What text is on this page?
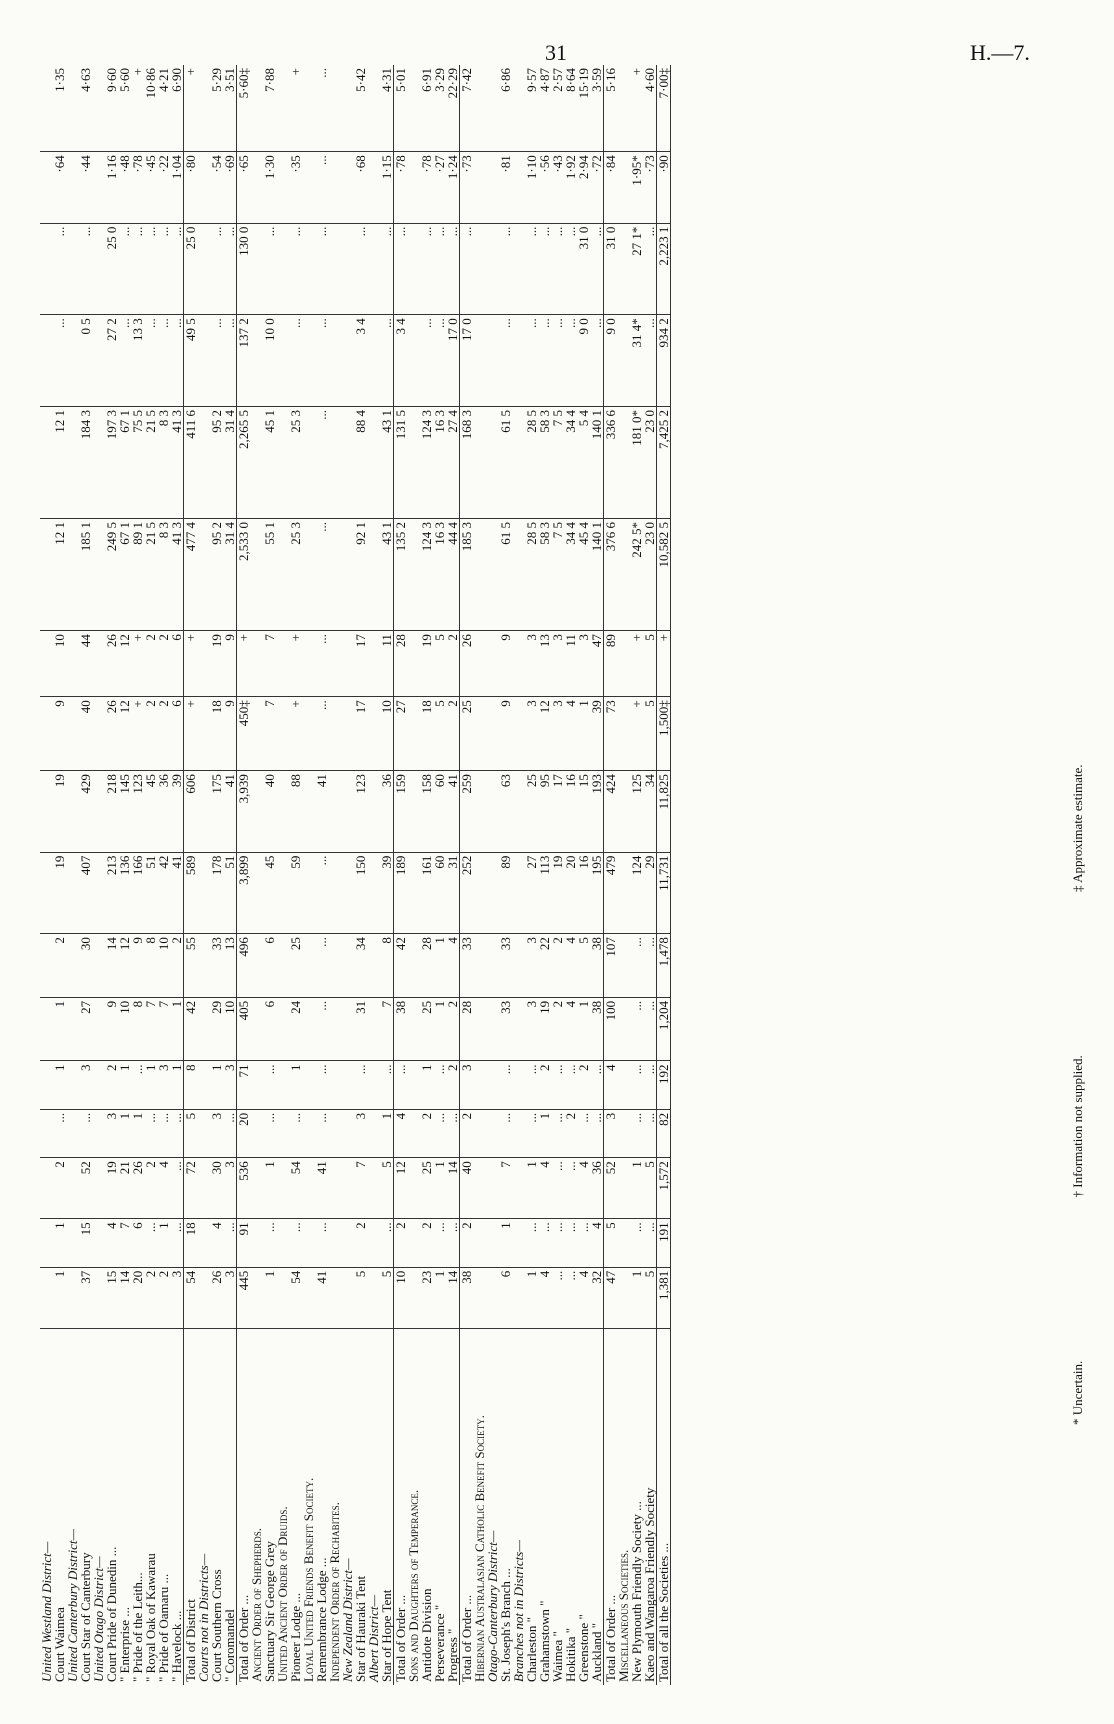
31	H.—7.
United Westland District—																		
Court Waimea		1	1	2	...	1	1	2	19	19	9	10	12 1	12 1	...	...	·64	1·35
United Canterbury District—																		
Court Star of Canterbury		37	15	52	...	3	27	30	407	429	40	44	185 1	184 3	0 5	...	·44	4·63
United Otago District—																		
Court Pride of Dunedin ...		15	4	19	3	2	9	14	213	218	26	26	249 5	197 3	27 2	25 0	1·16	9·60
" Enterprise ...		14	7	21	1	1	10	12	136	145	12	12	67 1	67 1	...	...	·48	5·60
" Pride of the Leith...		20	6	26	1	...	8	9	166	123	+	+	89 1	75 5	13 3	...	·78	+
" Royal Oak of Kawarau		2	...	2	...	1	7	8	51	45	2	2	21 5	21 5	...	...	·45	10·86
" Pride of Oamaru ...		2	1	4	...	3	7	10	42	36	2	2	8 3	8 3	...	...	·22	4·21
" Havelock ...		3	...	...	...	1	1	2	41	39	6	6	41 3	41 3	...	...	1·04	6·90
Total of District		54	18	72	5	8	42	55	589	606	+	+	477 4	411 6	49 5	25 0	·80	+
Courts not in Districts—																		
Court Southern Cross		26	4	30	3	1	29	33	178	175	18	19	95 2	95 2	...	...	·54	5·29
" Coromandel		3	...	3	...	3	10	13	51	41	9	9	31 4	31 4	...	...	·69	3·51
Total of Order ...		445	91	536	20	71	405	496	3,899	3,939	450‡	+	2,533 0	2,265 5	137 2	130 0	·65	5·60‡
Ancient Order of Shepherds.																		
Sanctuary Sir George Grey		1	...	1	...	...	6	6	45	40	7	7	55 1	45 1	10 0	...	1·30	7·88
United Ancient Order of Druids.																		
Pioneer Lodge ...		54	...	54	...	1	24	25	59	88	+	+	25 3	25 3	...	...	·35	+
Loyal United Friends Benefit Society.																		
Remembrance Lodge ...		41	...	41	...	...	...	...	...	41	...	...	...	...	...	...	...	...
Independent Order of Rechabites.																		
New Zealand District—																		
Star of Hauraki Tent		5	2	7	3	...	31	34	150	123	17	17	92 1	88 4	3 4	...	·68	5·42
Albert District—																		
Star of Hope Tent		5	...	5	1	...	7	8	39	36	10	11	43 1	43 1	...	...	1·15	4·31
Total of Order ...		10	2	12	4	...	38	42	189	159	27	28	135 2	131 5	3 4	...	·78	5·01
Sons and Daughters of Temperance.																		
Antidote Division		23	2	25	2	1	25	28	161	158	18	19	124 3	124 3	...	...	·78	6·91
Perseverance "		1	...	1	...	...	1	1	60	60	5	5	16 3	16 3	...	...	·27	3·29
Progress "		14	...	14	...	2	2	4	31	41	2	2	44 4	27 4	17 0	...	1·24	22·29
Total of Order ...		38	2	40	2	3	28	33	252	259	25	26	185 3	168 3	17 0	...	·73	7·42
Hibernian Australasian Catholic Benefit Society.																		
Otago-Canterbury District—																		
St. Joseph's Branch ...		6	1	7	...	...	33	33	89	63	9	9	61 5	61 5	...	...	·81	6·86
Branches not in Districts—																		
Charleston "		1	...	1	...	...	3	3	27	25	3	3	28 5	28 5	...	...	1·10	9·57
Grahamstown "		4	...	4	1	2	19	22	113	95	12	13	58 3	58 3	...	...	·56	4·87
Waimea "		...	...	...	...	...	2	2	19	17	3	3	7 5	7 5	...	...	·43	2·57
Hokitika "		...	...	...	2	...	4	4	20	16	4	11	34 4	34 4	...	...	1·92	8·64
Greenstone "		4	...	4	...	2	1	5	16	15	1	3	45 4	5 4	9 0	31 0	2·94	15·19
Auckland "		32	4	36	...	...	38	38	195	193	39	47	140 1	140 1	...	...	·72	3·59
Total of Order ...		47	5	52	3	4	100	107	479	424	73	89	376 6	336 6	9 0	31 0	·84	5·16
Miscellaneous Societies.																		
New Plymouth Friendly Society ...		1	...	1	...	...	...	...	124	125	+	+	242 5*	181 0*	31 4*	27 1*	1·95*	+
Kaeo and Wangaroa Friendly Society		5	...	5	...	...	...	...	29	34	5	5	23 0	23 0	...	...	·73	4·60
Total of all the Societies ...		1,381	191	1,572	82	192	1,204	1,478	11,731	11,825	1,500‡	+	10,582 5	7,425 2	934 2	2,223 1	·90	7·00‡
* Uncertain. † Information not supplied. ‡ Approximate estimate.
